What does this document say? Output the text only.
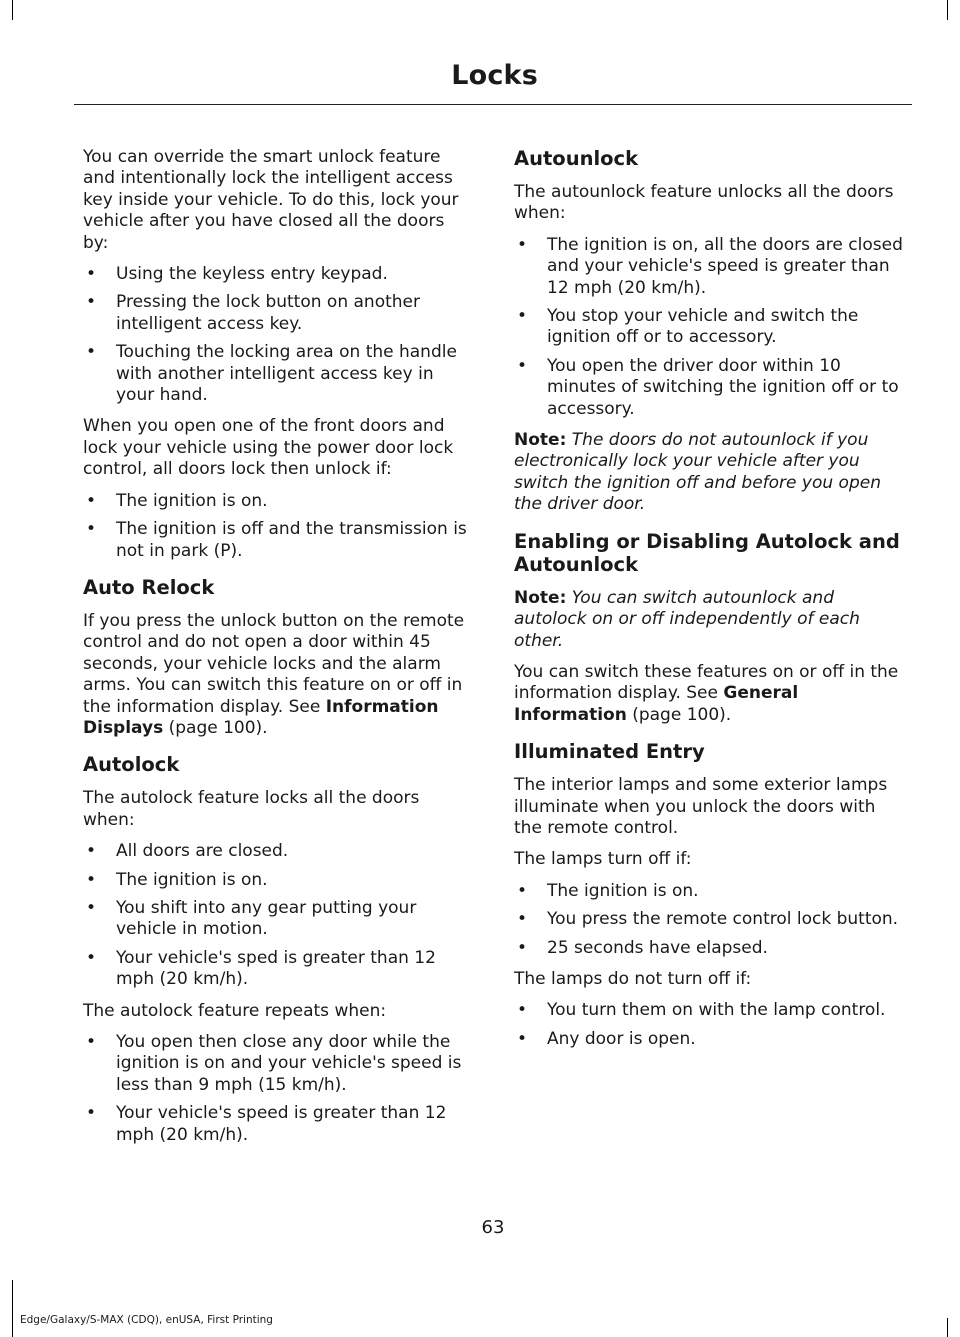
Locks

You can override the smart unlock feature and intentionally lock the intelligent access key inside your vehicle. To do this, lock your vehicle after you have closed all the doors by:

• Using the keyless entry keypad.
• Pressing the lock button on another intelligent access key.
• Touching the locking area on the handle with another intelligent access key in your hand.

When you open one of the front doors and lock your vehicle using the power door lock control, all doors lock then unlock if:

• The ignition is on.
• The ignition is off and the transmission is not in park (P).
Auto Relock

If you press the unlock button on the remote control and do not open a door within 45 seconds, your vehicle locks and the alarm arms. You can switch this feature on or off in the information display. See Information Displays (page 100).

Autolock

The autolock feature locks all the doors when:

• All doors are closed.
• The ignition is on.
• You shift into any gear putting your vehicle in motion.
• Your vehicle's sped is greater than 12 mph (20 km/h).

The autolock feature repeats when:

• You open then close any door while the ignition is on and your vehicle's speed is less than 9 mph (15 km/h).
• Your vehicle's speed is greater than 12 mph (20 km/h).
Autounlock

The autounlock feature unlocks all the doors when:

• The ignition is on, all the doors are closed and your vehicle's speed is greater than 12 mph (20 km/h).
• You stop your vehicle and switch the ignition off or to accessory.
• You open the driver door within 10 minutes of switching the ignition off or to accessory.

Note: The doors do not autounlock if you electronically lock your vehicle after you switch the ignition off and before you open the driver door.

Enabling or Disabling Autolock and Autounlock

Note: You can switch autounlock and autolock on or off independently of each other.

You can switch these features on or off in the information display. See General Information (page 100).

Illuminated Entry

The interior lamps and some exterior lamps illuminate when you unlock the doors with the remote control.

The lamps turn off if:

• The ignition is on.
• You press the remote control lock button.
• 25 seconds have elapsed.

The lamps do not turn off if:

• You turn them on with the lamp control.
• Any door is open.
63
Edge/Galaxy/S-MAX (CDQ), enUSA, First Printing
